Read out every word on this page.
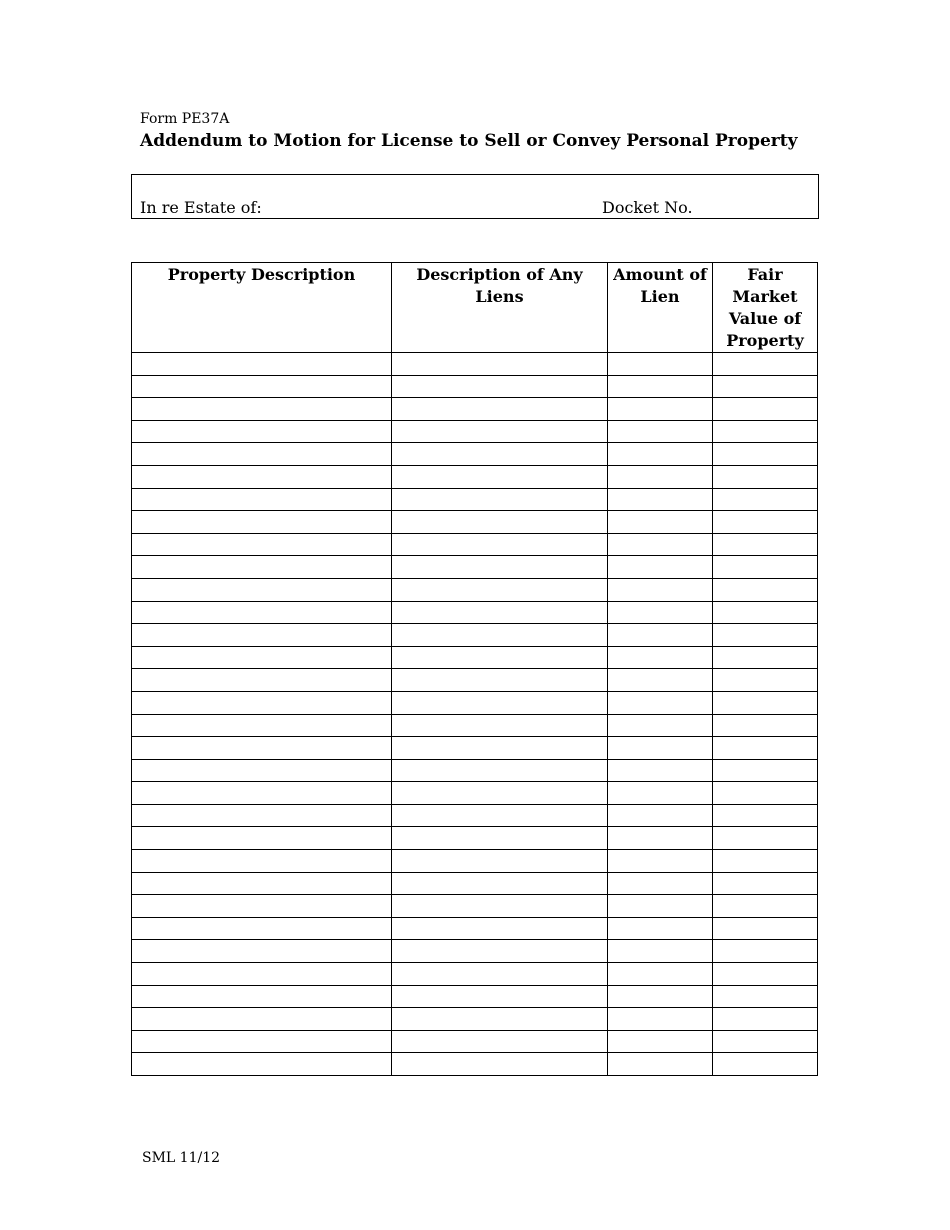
Form PE37A
Addendum to Motion for License to Sell or Convey Personal Property
In re Estate of:	Docket No.
Property Description	Description of Any Liens	Amount of Lien	Fair Market Value of Property

SML 11/12
